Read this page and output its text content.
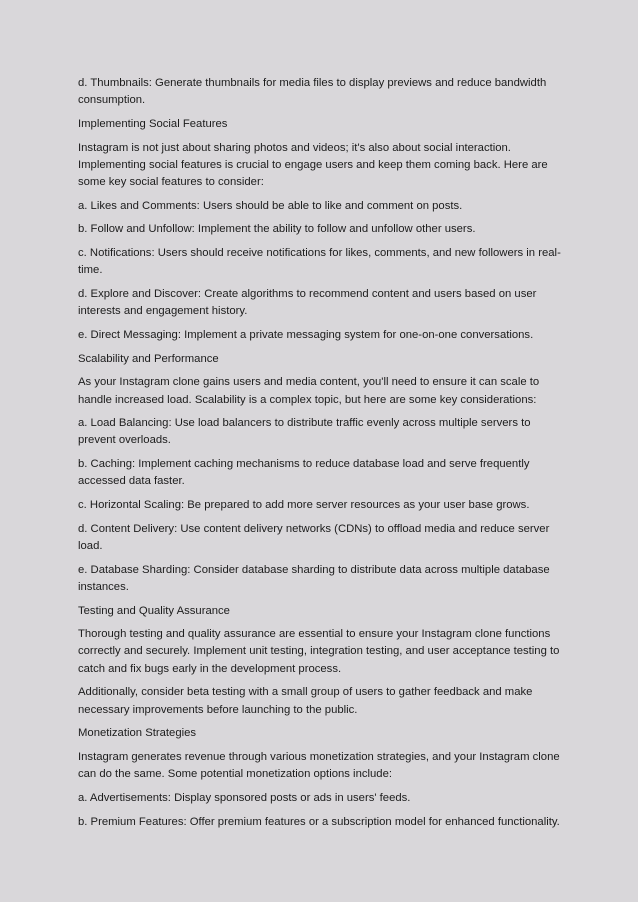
d. Thumbnails: Generate thumbnails for media files to display previews and reduce bandwidth consumption.

Implementing Social Features

Instagram is not just about sharing photos and videos; it's also about social interaction. Implementing social features is crucial to engage users and keep them coming back. Here are some key social features to consider:

a. Likes and Comments: Users should be able to like and comment on posts.

b. Follow and Unfollow: Implement the ability to follow and unfollow other users.

c. Notifications: Users should receive notifications for likes, comments, and new followers in real-time.

d. Explore and Discover: Create algorithms to recommend content and users based on user interests and engagement history.

e. Direct Messaging: Implement a private messaging system for one-on-one conversations.

Scalability and Performance

As your Instagram clone gains users and media content, you'll need to ensure it can scale to handle increased load. Scalability is a complex topic, but here are some key considerations:

a. Load Balancing: Use load balancers to distribute traffic evenly across multiple servers to prevent overloads.

b. Caching: Implement caching mechanisms to reduce database load and serve frequently accessed data faster.

c. Horizontal Scaling: Be prepared to add more server resources as your user base grows.

d. Content Delivery: Use content delivery networks (CDNs) to offload media and reduce server load.

e. Database Sharding: Consider database sharding to distribute data across multiple database instances.

Testing and Quality Assurance

Thorough testing and quality assurance are essential to ensure your Instagram clone functions correctly and securely. Implement unit testing, integration testing, and user acceptance testing to catch and fix bugs early in the development process.

Additionally, consider beta testing with a small group of users to gather feedback and make necessary improvements before launching to the public.

Monetization Strategies

Instagram generates revenue through various monetization strategies, and your Instagram clone can do the same. Some potential monetization options include:

a. Advertisements: Display sponsored posts or ads in users' feeds.

b. Premium Features: Offer premium features or a subscription model for enhanced functionality.
